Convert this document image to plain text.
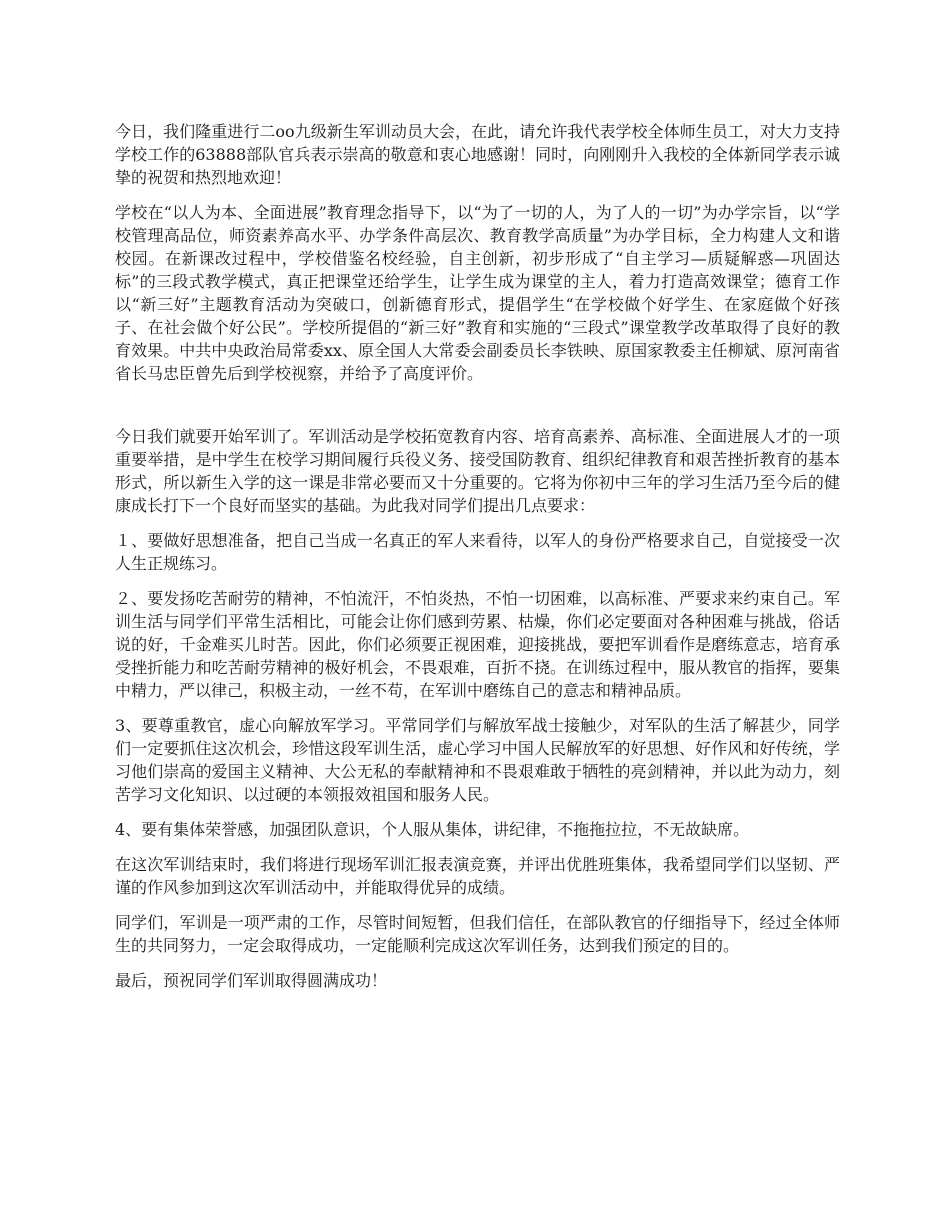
今日，我们隆重进行二oo九级新生军训动员大会，在此，请允许我代表学校全体师生员工，对大力支持学校工作的63888部队官兵表示崇高的敬意和衷心地感谢！同时，向刚刚升入我校的全体新同学表示诚挚的祝贺和热烈地欢迎！

学校在“以人为本、全面进展”教育理念指导下，以“为了一切的人，为了人的一切”为办学宗旨，以“学校管理高品位，师资素养高水平、办学条件高层次、教育教学高质量”为办学目标，全力构建人文和谐校园。在新课改过程中，学校借鉴名校经验，自主创新，初步形成了“自主学习—质疑解惑—巩固达标”的三段式教学模式，真正把课堂还给学生，让学生成为课堂的主人，着力打造高效课堂；德育工作以“新三好”主题教育活动为突破口，创新德育形式，提倡学生“在学校做个好学生、在家庭做个好孩子、在社会做个好公民”。学校所提倡的“新三好”教育和实施的“三段式”课堂教学改革取得了良好的教育效果。中共中央政治局常委xx、原全国人大常委会副委员长李铁映、原国家教委主任柳斌、原河南省省长马忠臣曾先后到学校视察，并给予了高度评价。

今日我们就要开始军训了。军训活动是学校拓宽教育内容、培育高素养、高标准、全面进展人才的一项重要举措，是中学生在校学习期间履行兵役义务、接受国防教育、组织纪律教育和艰苦挫折教育的基本形式，所以新生入学的这一课是非常必要而又十分重要的。它将为你初中三年的学习生活乃至今后的健康成长打下一个良好而坚实的基础。为此我对同学们提出几点要求：

１、要做好思想准备，把自己当成一名真正的军人来看待，以军人的身份严格要求自己，自觉接受一次人生正规练习。

２、要发扬吃苦耐劳的精神，不怕流汗，不怕炎热，不怕一切困难，以高标准、严要求来约束自己。军训生活与同学们平常生活相比，可能会让你们感到劳累、枯燥，你们必定要面对各种困难与挑战，俗话说的好，千金难买儿时苦。因此，你们必须要正视困难，迎接挑战，要把军训看作是磨练意志，培育承受挫折能力和吃苦耐劳精神的极好机会，不畏艰难，百折不挠。在训练过程中，服从教官的指挥，要集中精力，严以律己，积极主动，一丝不苟，在军训中磨练自己的意志和精神品质。

3、要尊重教官，虚心向解放军学习。平常同学们与解放军战士接触少，对军队的生活了解甚少，同学们一定要抓住这次机会，珍惜这段军训生活，虚心学习中国人民解放军的好思想、好作风和好传统，学习他们崇高的爱国主义精神、大公无私的奉献精神和不畏艰难敢于牺牲的亮剑精神，并以此为动力，刻苦学习文化知识、以过硬的本领报效祖国和服务人民。

4、要有集体荣誉感，加强团队意识，个人服从集体，讲纪律，不拖拖拉拉，不无故缺席。

在这次军训结束时，我们将进行现场军训汇报表演竞赛，并评出优胜班集体，我希望同学们以坚韧、严谨的作风参加到这次军训活动中，并能取得优异的成绩。

同学们，军训是一项严肃的工作，尽管时间短暂，但我们信任，在部队教官的仔细指导下，经过全体师生的共同努力，一定会取得成功，一定能顺利完成这次军训任务，达到我们预定的目的。

最后，预祝同学们军训取得圆满成功！
